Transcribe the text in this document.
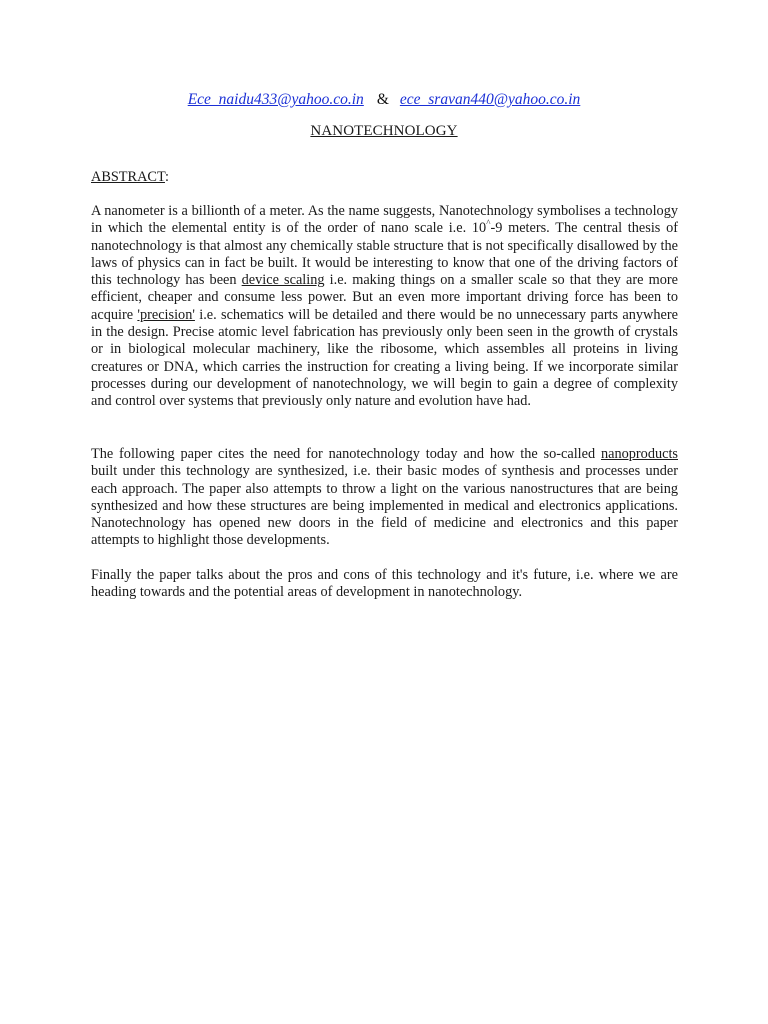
Ece_naidu433@yahoo.co.in & ece_sravan440@yahoo.co.in
NANOTECHNOLOGY
ABSTRACT:

A nanometer is a billionth of a meter. As the name suggests, Nanotechnology symbolises a technology in which the elemental entity is of the order of nano scale i.e. 10^-9 meters. The central thesis of nanotechnology is that almost any chemically stable structure that is not specifically disallowed by the laws of physics can in fact be built. It would be interesting to know that one of the driving factors of this technology has been device scaling i.e. making things on a smaller scale so that they are more efficient, cheaper and consume less power. But an even more important driving force has been to acquire 'precision' i.e. schematics will be detailed and there would be no unnecessary parts anywhere in the design. Precise atomic level fabrication has previously only been seen in the growth of crystals or in biological molecular machinery, like the ribosome, which assembles all proteins in living creatures or DNA, which carries the instruction for creating a living being. If we incorporate similar processes during our development of nanotechnology, we will begin to gain a degree of complexity and control over systems that previously only nature and evolution have had.

The following paper cites the need for nanotechnology today and how the so-called nanoproducts built under this technology are synthesized, i.e. their basic modes of synthesis and processes under each approach. The paper also attempts to throw a light on the various nanostructures that are being synthesized and how these structures are being implemented in medical and electronics applications. Nanotechnology has opened new doors in the field of medicine and electronics and this paper attempts to highlight those developments.

Finally the paper talks about the pros and cons of this technology and it's future, i.e. where we are heading towards and the potential areas of development in nanotechnology.
